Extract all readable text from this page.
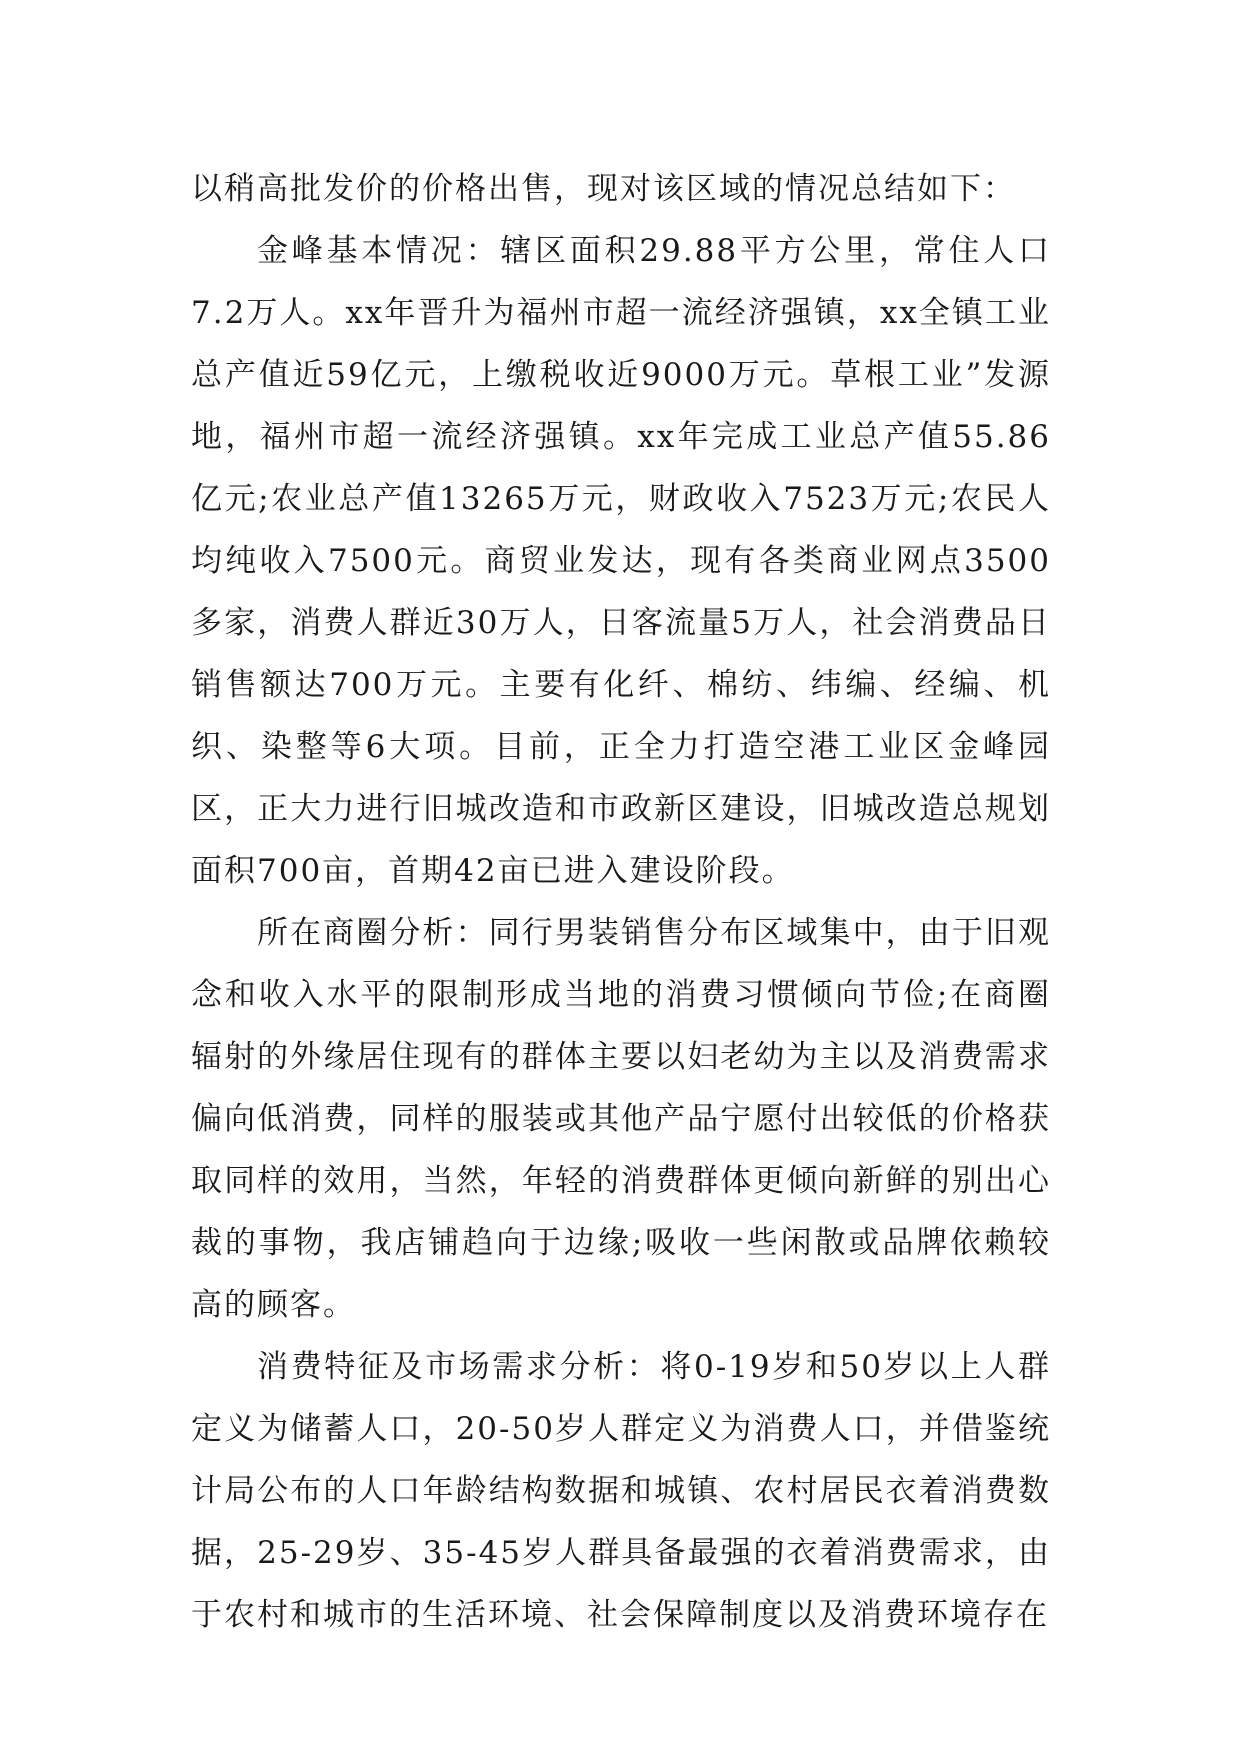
以稍高批发价的价格出售，现对该区域的情况总结如下：

金峰基本情况：辖区面积29.88平方公里，常住人口7.2万人。xx年晋升为福州市超一流经济强镇，xx全镇工业总产值近59亿元，上缴税收近9000万元。草根工业”发源地，福州市超一流经济强镇。xx年完成工业总产值55.86亿元;农业总产值13265万元，财政收入7523万元;农民人均纯收入7500元。商贸业发达，现有各类商业网点3500多家，消费人群近30万人，日客流量5万人，社会消费品日销售额达700万元。主要有化纤、棉纺、纬编、经编、机织、染整等6大项。目前，正全力打造空港工业区金峰园区，正大力进行旧城改造和市政新区建设，旧城改造总规划面积700亩，首期42亩已进入建设阶段。

所在商圈分析：同行男装销售分布区域集中，由于旧观念和收入水平的限制形成当地的消费习惯倾向节俭;在商圈辐射的外缘居住现有的群体主要以妇老幼为主以及消费需求偏向低消费，同样的服装或其他产品宁愿付出较低的价格获取同样的效用，当然，年轻的消费群体更倾向新鲜的别出心裁的事物，我店铺趋向于边缘;吸收一些闲散或品牌依赖较高的顾客。

消费特征及市场需求分析：将0-19岁和50岁以上人群定义为储蓄人口，20-50岁人群定义为消费人口，并借鉴统计局公布的人口年龄结构数据和城镇、农村居民衣着消费数据，25-29岁、35-45岁人群具备最强的衣着消费需求，由于农村和城市的生活环境、社会保障制度以及消费环境存在
